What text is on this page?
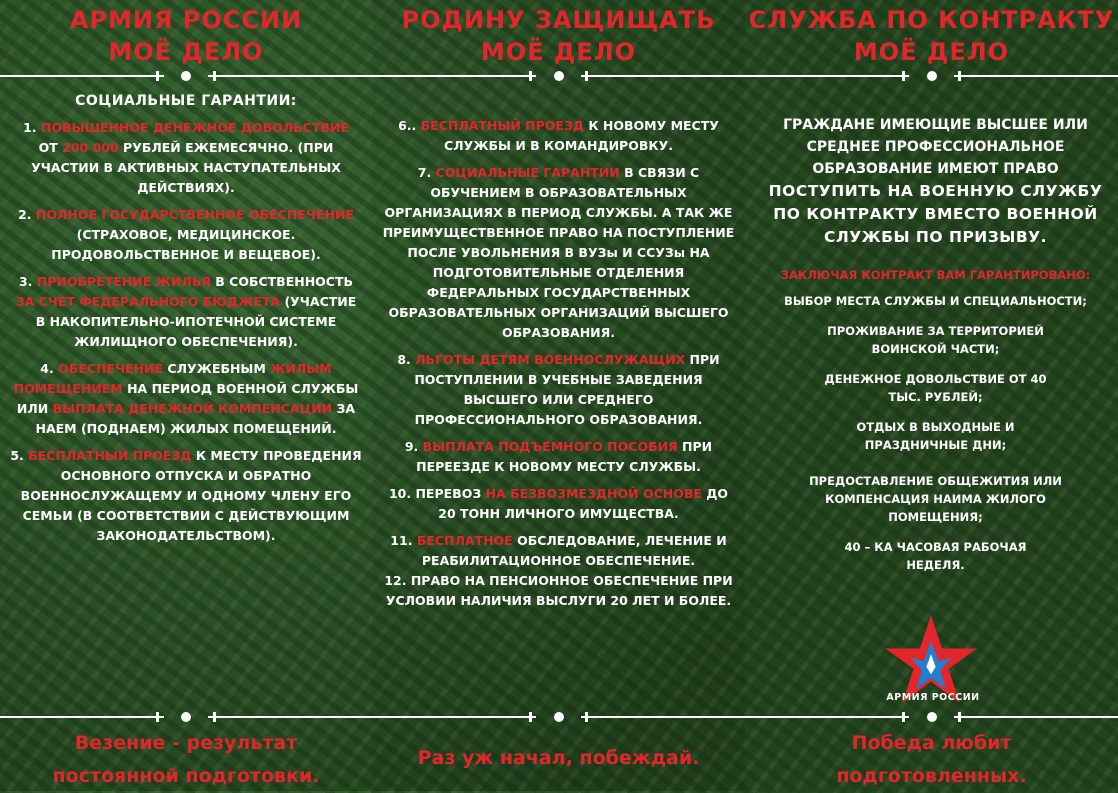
АРМИЯ РОССИИ
МОЁ ДЕЛО

СОЦИАЛЬНЫЕ ГАРАНТИИ:

1. ПОВЫШЕННОЕ ДЕНЕЖНОЕ ДОВОЛЬСТВИЕ
ОТ 200 000 РУБЛЕЙ ЕЖЕМЕСЯЧНО. (ПРИ УЧАСТИИ В АКТИВНЫХ НАСТУПАТЕЛЬНЫХ ДЕЙСТВИЯХ).

2. ПОЛНОЕ ГОСУДАРСТВЕННОЕ ОБЕСПЕЧЕНИЕ
(СТРАХОВОЕ, МЕДИЦИНСКОЕ. ПРОДОВОЛЬСТВЕННОЕ И ВЕЩЕВОЕ).

3. ПРИОБРЕТЕНИЕ ЖИЛЬЯ В СОБСТВЕННОСТЬ ЗА СЧЕТ ФЕДЕРАЛЬНОГО БЮДЖЕТА (УЧАСТИЕ В НАКОПИТЕЛЬНО-ИПОТЕЧНОЙ СИСТЕМЕ ЖИЛИЩНОГО ОБЕСПЕЧЕНИЯ).

4. ОБЕСПЕЧЕНИЕ СЛУЖЕБНЫМ ЖИЛЫМ ПОМЕЩЕНИЕМ НА ПЕРИОД ВОЕННОЙ СЛУЖБЫ ИЛИ ВЫПЛАТА ДЕНЕЖНОЙ КОМПЕНСАЦИИ ЗА НАЕМ (ПОДНАЕМ) ЖИЛЫХ ПОМЕЩЕНИЙ.

5. БЕСПЛАТНЫЙ ПРОЕЗД К МЕСТУ ПРОВЕДЕНИЯ ОСНОВНОГО ОТПУСКА И ОБРАТНО ВОЕННОСЛУЖАЩЕМУ И ОДНОМУ ЧЛЕНУ ЕГО СЕМЬИ (В СООТВЕТСТВИИ С ДЕЙСТВУЮЩИМ ЗАКОНОДАТЕЛЬСТВОМ).

Везение - результат
постоянной подготовки.
РОДИНУ ЗАЩИЩАТЬ
МОЁ ДЕЛО

6.. БЕСПЛАТНЫЙ ПРОЕЗД К НОВОМУ МЕСТУ СЛУЖБЫ И В КОМАНДИРОВКУ.

7. СОЦИАЛЬНЫЕ ГАРАНТИИ В СВЯЗИ С ОБУЧЕНИЕМ В ОБРАЗОВАТЕЛЬНЫХ ОРГАНИЗАЦИЯХ В ПЕРИОД СЛУЖБЫ. А ТАК ЖЕ ПРЕИМУЩЕСТВЕННОЕ ПРАВО НА ПОСТУПЛЕНИЕ ПОСЛЕ УВОЛЬНЕНИЯ В ВУЗы И ССУЗы НА ПОДГОТОВИТЕЛЬНЫЕ ОТДЕЛЕНИЯ ФЕДЕРАЛЬНЫХ ГОСУДАРСТВЕННЫХ ОБРАЗОВАТЕЛЬНЫХ ОРГАНИЗАЦИЙ ВЫСШЕГО ОБРАЗОВАНИЯ.

8. ЛЬГОТЫ ДЕТЯМ ВОЕННОСЛУЖАЩИХ ПРИ ПОСТУПЛЕНИИ В УЧЕБНЫЕ ЗАВЕДЕНИЯ ВЫСШЕГО ИЛИ СРЕДНЕГО ПРОФЕССИОНАЛЬНОГО ОБРАЗОВАНИЯ.

9. ВЫПЛАТА ПОДЪЕМНОГО ПОСОБИЯ ПРИ ПЕРЕЕЗДЕ К НОВОМУ МЕСТУ СЛУЖБЫ.

10. ПЕРЕВОЗ НА БЕЗВОЗМЕЗДНОЙ ОСНОВЕ ДО 20 ТОНН ЛИЧНОГО ИМУЩЕСТВА.

11. БЕСПЛАТНОЕ ОБСЛЕДОВАНИЕ, ЛЕЧЕНИЕ И РЕАБИЛИТАЦИОННОЕ ОБЕСПЕЧЕНИЕ.

12. ПРАВО НА ПЕНСИОННОЕ ОБЕСПЕЧЕНИЕ ПРИ УСЛОВИИ НАЛИЧИЯ ВЫСЛУГИ 20 ЛЕТ И БОЛЕЕ.

Раз уж начал, побеждай.
СЛУЖБА ПО КОНТРАКТУ
МОЁ ДЕЛО

ГРАЖДАНЕ ИМЕЮЩИЕ ВЫСШЕЕ ИЛИ СРЕДНЕЕ ПРОФЕССИОНАЛЬНОЕ ОБРАЗОВАНИЕ ИМЕЮТ ПРАВО

ПОСТУПИТЬ НА ВОЕННУЮ СЛУЖБУ ПО КОНТРАКТУ ВМЕСТО ВОЕННОЙ СЛУЖБЫ ПО ПРИЗЫВУ.

ЗАКЛЮЧАЯ КОНТРАКТ ВАМ ГАРАНТИРОВАНО:

ВЫБОР МЕСТА СЛУЖБЫ И СПЕЦИАЛЬНОСТИ;

ПРОЖИВАНИЕ ЗА ТЕРРИТОРИЕЙ ВОИНСКОЙ ЧАСТИ;

ДЕНЕЖНОЕ ДОВОЛЬСТВИЕ ОТ 40 ТЫС. РУБЛЕЙ;

ОТДЫХ В ВЫХОДНЫЕ И ПРАЗДНИЧНЫЕ ДНИ;

ПРЕДОСТАВЛЕНИЕ ОБЩЕЖИТИЯ ИЛИ КОМПЕНСАЦИЯ НАИМА ЖИЛОГО ПОМЕЩЕНИЯ;

40 – КА ЧАСОВАЯ РАБОЧАЯ НЕДЕЛЯ.

АРМИЯ РОССИИ
Победа любит
подготовленных.
